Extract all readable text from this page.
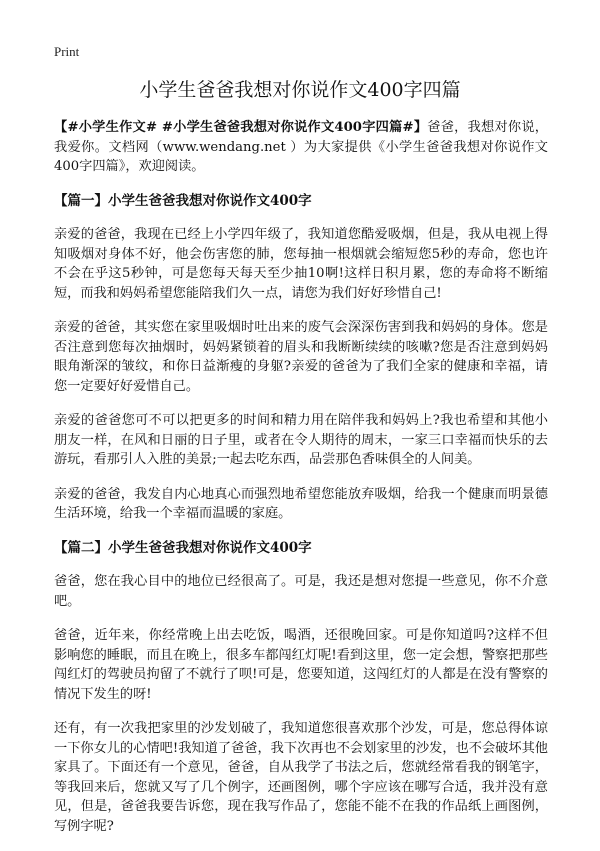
Print
小学生爸爸我想对你说作文400字四篇

【#小学生作文# #小学生爸爸我想对你说作文400字四篇#】爸爸，我想对你说，我爱你。文档网（www.wendang.net ）为大家提供《小学生爸爸我想对你说作文400字四篇》，欢迎阅读。

【篇一】小学生爸爸我想对你说作文400字

亲爱的爸爸，我现在已经上小学四年级了，我知道您酷爱吸烟，但是，我从电视上得知吸烟对身体不好，他会伤害您的肺，您每抽一根烟就会缩短您5秒的寿命，您也许不会在乎这5秒钟，可是您每天每天至少抽10啊!这样日积月累，您的寿命将不断缩短，而我和妈妈希望您能陪我们久一点，请您为我们好好珍惜自己!

亲爱的爸爸，其实您在家里吸烟时吐出来的废气会深深伤害到我和妈妈的身体。您是否注意到您每次抽烟时，妈妈紧锁着的眉头和我断断续续的咳嗽?您是否注意到妈妈眼角渐深的皱纹，和你日益渐瘦的身躯?亲爱的爸爸为了我们全家的健康和幸福，请您一定要好好爱惜自己。

亲爱的爸爸您可不可以把更多的时间和精力用在陪伴我和妈妈上?我也希望和其他小朋友一样，在风和日丽的日子里，或者在令人期待的周末，一家三口幸福而快乐的去游玩，看那引人入胜的美景;一起去吃东西，品尝那色香味俱全的人间美。

亲爱的爸爸，我发自内心地真心而强烈地希望您能放弃吸烟，给我一个健康而明景德生活环境，给我一个幸福而温暖的家庭。

【篇二】小学生爸爸我想对你说作文400字

爸爸，您在我心目中的地位已经很高了。可是，我还是想对您提一些意见，你不介意吧。

爸爸，近年来，你经常晚上出去吃饭，喝酒，还很晚回家。可是你知道吗?这样不但影响您的睡眠，而且在晚上，很多车都闯红灯呢!看到这里，您一定会想，警察把那些闯红灯的驾驶员拘留了不就行了呗!可是，您要知道，这闯红灯的人都是在没有警察的情况下发生的呀!

还有，有一次我把家里的沙发划破了，我知道您很喜欢那个沙发，可是，您总得体谅一下你女儿的心情吧!我知道了爸爸，我下次再也不会划家里的沙发，也不会破坏其他家具了。下面还有一个意见，爸爸，自从我学了书法之后，您就经常看我的钢笔字，等我回来后，您就又写了几个例字，还画图例，哪个字应该在哪写合适，我并没有意见，但是，爸爸我要告诉您，现在我写作品了，您能不能不在我的作品纸上画图例，写例字呢?
